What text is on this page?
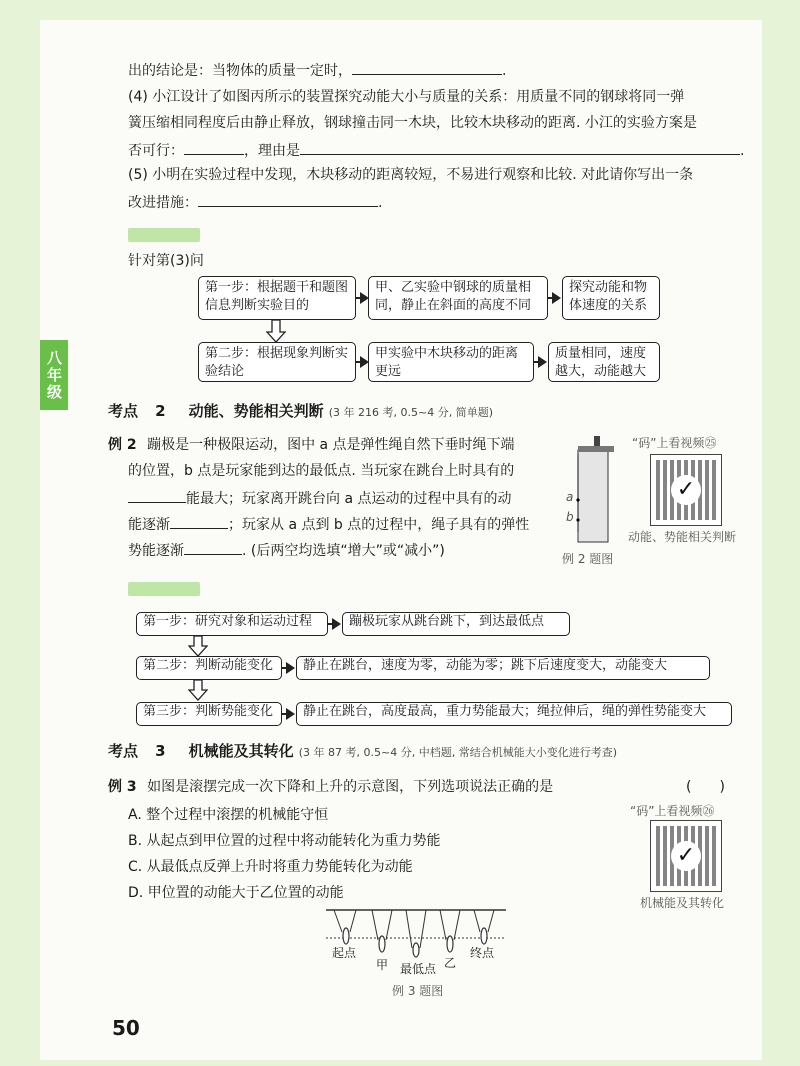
出的结论是：当物体的质量一定时，	.
(4) 小江设计了如图丙所示的装置探究动能大小与质量的关系：用质量不同的钢球将同一弹
簧压缩相同程度后由静止释放，钢球撞击同一木块，比较木块移动的距离. 小江的实验方案是
否可行：	，理由是	.
(5) 小明在实验过程中发现，木块移动的距离较短，不易进行观察和比较. 对此请你写出一条
改进措施：	.
针对第(3)问
第一步：根据题干和题图信息判断实验目的
甲、乙实验中钢球的质量相同，静止在斜面的高度不同
探究动能和物体速度的关系
第二步：根据现象判断实验结论
甲实验中木块移动的距离更远
质量相同，速度越大，动能越大
八年级
考点 2 动能、势能相关判断 (3 年 216 考, 0.5~4 分, 简单题)
例 2 蹦极是一种极限运动，图中 a 点是弹性绳自然下垂时绳下端
的位置，b 点是玩家能到达的最低点. 当玩家在跳台上时具有的
能最大；玩家离开跳台向 a 点运动的过程中具有的动
能逐渐	；玩家从 a 点到 b 点的过程中，绳子具有的弹性
势能逐渐	. (后两空均选填“增大”或“减小”)
a
b
例 2 题图
“码”上看视频㉕
✓
动能、势能相关判断
第一步：研究对象和运动过程	蹦极玩家从跳台跳下，到达最低点
第二步：判断动能变化	静止在跳台，速度为零，动能为零；跳下后速度变大，动能变大
第三步：判断势能变化	静止在跳台，高度最高，重力势能最大；绳拉伸后，绳的弹性势能变大
考点 3 机械能及其转化 (3 年 87 考, 0.5~4 分, 中档题, 常结合机械能大小变化进行考查)
例 3 如图是滚摆完成一次下降和上升的示意图，下列选项说法正确的是	(　　)
A. 整个过程中滚摆的机械能守恒
B. 从起点到甲位置的过程中将动能转化为重力势能
C. 从最低点反弹上升时将重力势能转化为动能
D. 甲位置的动能大于乙位置的动能
“码”上看视频㉖
✓
机械能及其转化
起点
甲 最低点 乙
终点
例 3 题图
50
